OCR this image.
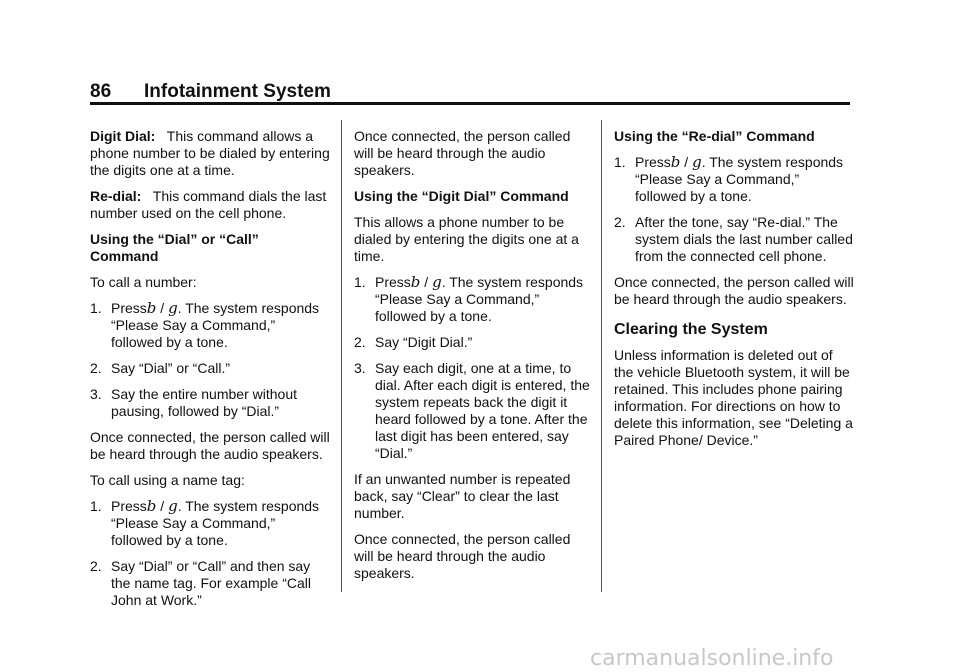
86 Infotainment System

Digit Dial: This command allows a phone number to be dialed by entering the digits one at a time.

Re-dial: This command dials the last number used on the cell phone.

Using the “Dial” or “Call” Command

To call a number:

1. Pressb / g. The system responds “Please Say a Command,” followed by a tone.
2. Say “Dial” or “Call.”
3. Say the entire number without pausing, followed by “Dial.”

Once connected, the person called will be heard through the audio speakers.

To call using a name tag:

1. Pressb / g. The system responds “Please Say a Command,” followed by a tone.
2. Say “Dial” or “Call” and then say the name tag. For example “Call John at Work.”

Once connected, the person called will be heard through the audio speakers.

Using the “Digit Dial” Command

This allows a phone number to be dialed by entering the digits one at a time.

1. Pressb / g. The system responds “Please Say a Command,” followed by a tone.
2. Say “Digit Dial.”
3. Say each digit, one at a time, to dial. After each digit is entered, the system repeats back the digit it heard followed by a tone. After the last digit has been entered, say “Dial.”

If an unwanted number is repeated back, say “Clear” to clear the last number.

Once connected, the person called will be heard through the audio speakers.

Using the “Re-dial” Command

1. Pressb / g. The system responds “Please Say a Command,” followed by a tone.
2. After the tone, say “Re-dial.” The system dials the last number called from the connected cell phone.

Once connected, the person called will be heard through the audio speakers.

Clearing the System

Unless information is deleted out of the vehicle Bluetooth system, it will be retained. This includes phone pairing information. For directions on how to delete this information, see “Deleting a Paired Phone/ Device.”

carmanualsonline.info
